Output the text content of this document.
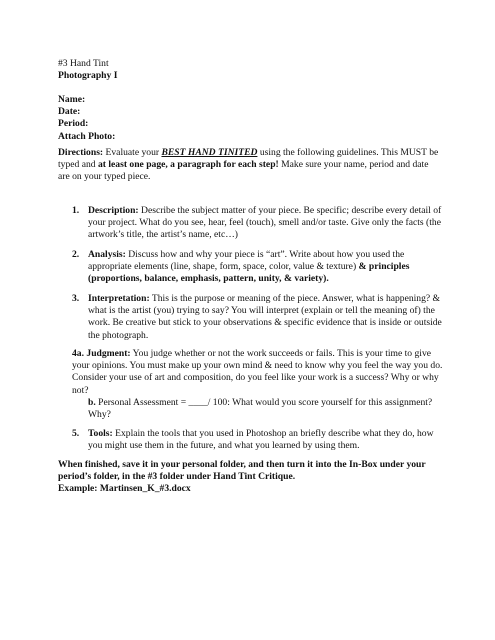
#3 Hand Tint
Photography I
Name:
Date:
Period:
Attach Photo:
Directions: Evaluate your BEST HAND TINITED using the following guidelines. This MUST be typed and at least one page, a paragraph for each step! Make sure your name, period and date are on your typed piece.
1. Description: Describe the subject matter of your piece. Be specific; describe every detail of your project. What do you see, hear, feel (touch), smell and/or taste. Give only the facts (the artwork’s title, the artist’s name, etc…)
2. Analysis: Discuss how and why your piece is “art”. Write about how you used the appropriate elements (line, shape, form, space, color, value & texture) & principles (proportions, balance, emphasis, pattern, unity, & variety).
3. Interpretation: This is the purpose or meaning of the piece. Answer, what is happening? & what is the artist (you) trying to say? You will interpret (explain or tell the meaning of) the work. Be creative but stick to your observations & specific evidence that is inside or outside the photograph.
4a. Judgment: You judge whether or not the work succeeds or fails. This is your time to give your opinions. You must make up your own mind & need to know why you feel the way you do. Consider your use of art and composition, do you feel like your work is a success? Why or why not?
b. Personal Assessment = ____/ 100: What would you score yourself for this assignment? Why?
5. Tools: Explain the tools that you used in Photoshop an briefly describe what they do, how you might use them in the future, and what you learned by using them.
When finished, save it in your personal folder, and then turn it into the In-Box under your period’s folder, in the #3 folder under Hand Tint Critique.
Example: Martinsen_K_#3.docx
